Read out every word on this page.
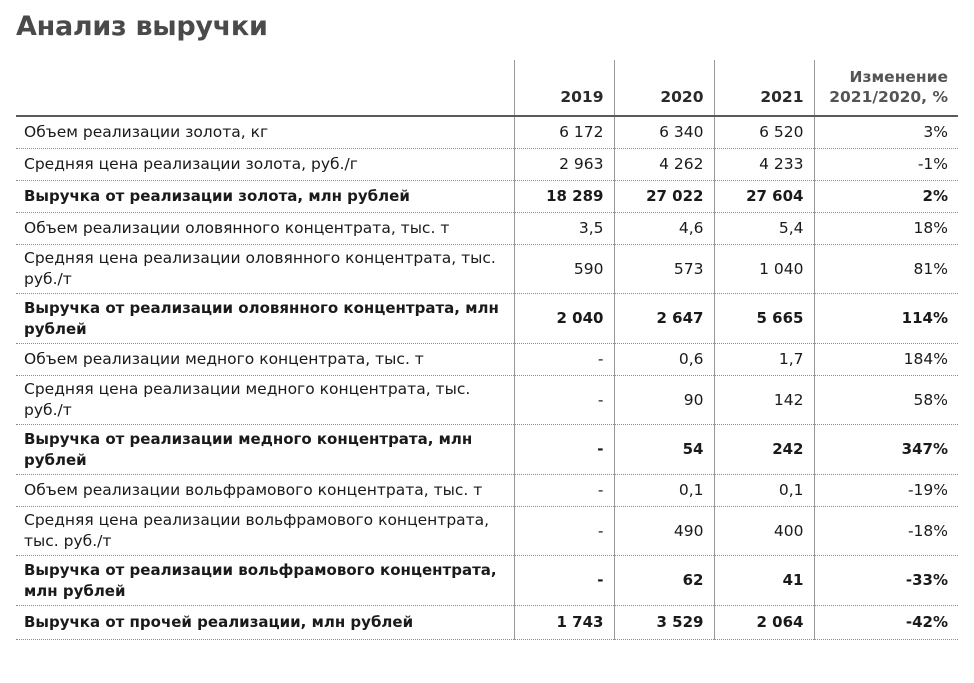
Анализ выручки
	2019	2020	2021	Изменение
2021/2020, %
Объем реализации золота, кг	6 172	6 340	6 520	3%
Средняя цена реализации золота, руб./г	2 963	4 262	4 233	-1%
Выручка от реализации золота, млн рублей	18 289	27 022	27 604	2%
Объем реализации оловянного концентрата, тыс. т	3,5	4,6	5,4	18%
Средняя цена реализации оловянного концентрата, тыс. руб./т	590	573	1 040	81%
Выручка от реализации оловянного концентрата, млн рублей	2 040	2 647	5 665	114%
Объем реализации медного концентрата, тыс. т	-	0,6	1,7	184%
Средняя цена реализации медного концентрата, тыс. руб./т	-	90	142	58%
Выручка от реализации медного концентрата, млн рублей	-	54	242	347%
Объем реализации вольфрамового концентрата, тыс. т	-	0,1	0,1	-19%
Средняя цена реализации вольфрамового концентрата, тыс. руб./т	-	490	400	-18%
Выручка от реализации вольфрамового концентрата, млн рублей	-	62	41	-33%
Выручка от прочей реализации, млн рублей	1 743	3 529	2 064	-42%
